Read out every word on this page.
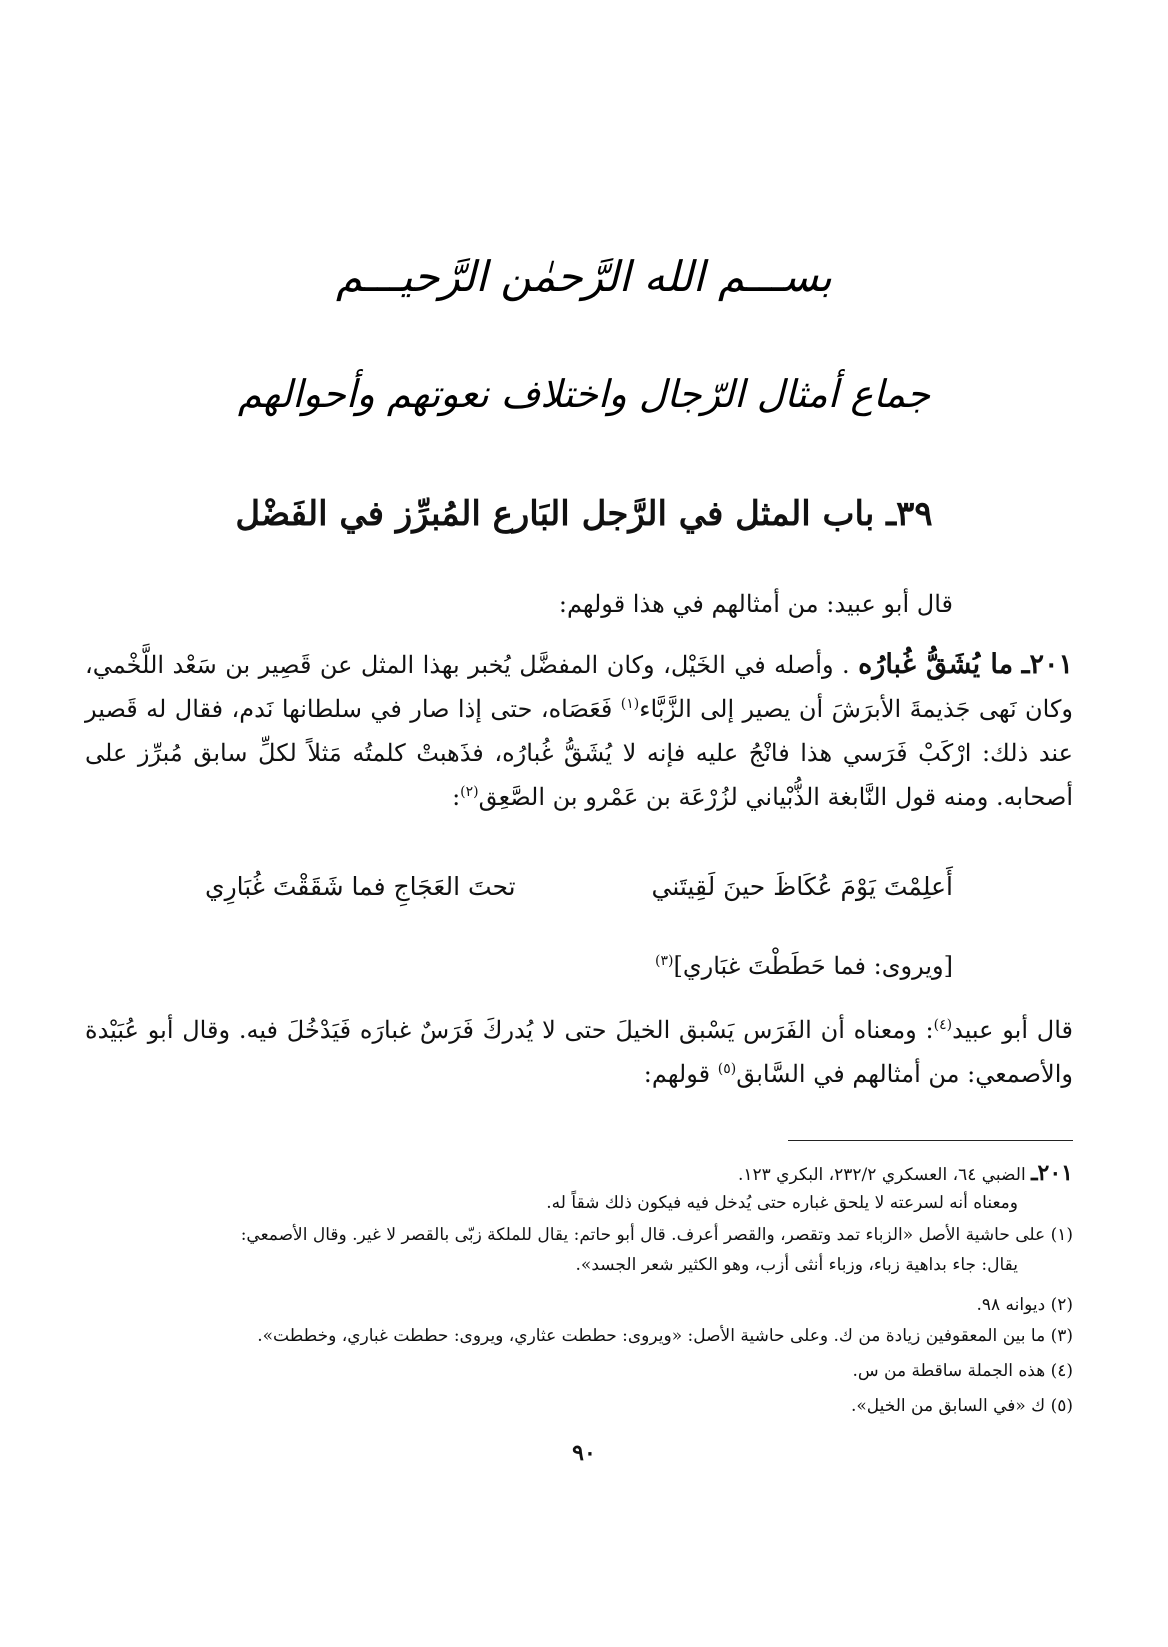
بســـم الله الرَّحمٰن الرَّحيـــم
جماع أمثال الرّجال واختلاف نعوتهم وأحوالهم
٣٩ـ باب المثل في الرَّجل البَارع المُبرِّز في الفَضْل
قال أبو عبيد: من أمثالهم في هذا قولهم:
٢٠١ـ ما يُشَقُّ غُبارُه . وأصله في الخَيْل، وكان المفضَّل يُخبر بهذا المثل عن قَصِير بن سَعْد اللَّخْمي، وكان نَهى جَذيمةَ الأبرَشَ أن يصير إلى الزَّبَّاء$^{(١)}$ فَعَصَاه، حتى إذا صار في سلطانها نَدم، فقال له قَصير عند ذلك: ارْكَبْ فَرَسي هذا فانْجُ عليه فإنه لا يُشَقُّ غُبارُه، فذَهبتْ كلمتُه مَثلاً لكلِّ سابق مُبرِّز على أصحابه. ومنه قول النَّابغة الذُّبْياني لزُرْعَة بن عَمْرو بن الصَّعِق$^{(٢)}$:
أَعلِمْتَ يَوْمَ عُكَاظَ حينَ لَقِيتَني
تحتَ العَجَاجِ فما شَقَقْتَ غُبَارِي
[ويروى: فما حَطَطْتَ غبَاري]$^{(٣)}$
قال أبو عبيد$^{(٤)}$: ومعناه أن الفَرَس يَسْبق الخيلَ حتى لا يُدركَ فَرَسٌ غبارَه فَيَدْخُلَ فيه. وقال أبو عُبَيْدة والأصمعي: من أمثالهم في السَّابق$^{(٥)}$ قولهم:
٢٠١ـ الضبي ٦٤، العسكري ٢٣٢/٢، البكري ١٢٣.
ومعناه أنه لسرعته لا يلحق غباره حتى يُدخل فيه فيكون ذلك شقاً له.
(١) على حاشية الأصل «الزباء تمد وتقصر، والقصر أعرف. قال أبو حاتم: يقال للملكة زبّى بالقصر لا غير. وقال الأصمعي:
يقال: جاء بداهية زباء، وزباء أنثى أزب، وهو الكثير شعر الجسد».
(٢) ديوانه ٩٨.
(٣) ما بين المعقوفين زيادة من ك. وعلى حاشية الأصل: «ويروى: حططت عثاري، ويروى: حططت غباري، وخططت».
(٤) هذه الجملة ساقطة من س.
(٥) ك «في السابق من الخيل».
٩٠
